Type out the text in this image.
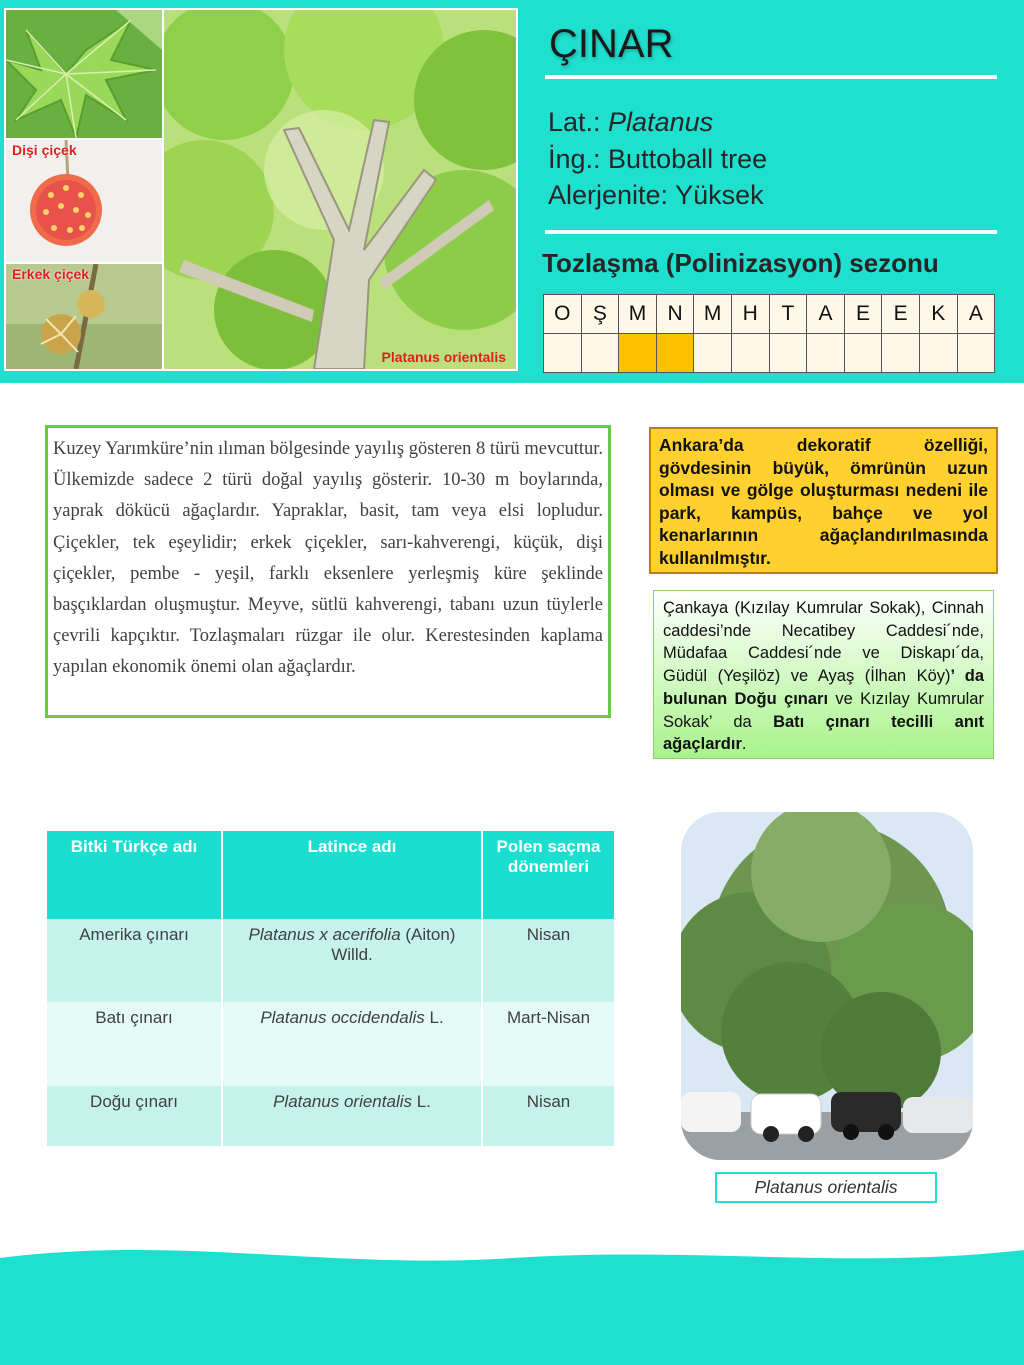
Dişi çiçek
Erkek çiçek
Platanus orientalis
ÇINAR
Lat.: Platanus
İng.: Buttoball tree
Alerjenite: Yüksek
Tozlaşma (Polinizasyon) sezonu
O	Ş	M	N	M	H	T	A	E	E	K	A

Kuzey Yarımküre’nin ılıman bölgesinde yayılış gösteren 8 türü mevcuttur. Ülkemizde sadece 2 türü doğal yayılış gösterir. 10-30 m boylarında, yaprak dökücü ağaçlardır. Yapraklar, basit, tam veya elsi lopludur. Çiçekler, tek eşeylidir; erkek çiçekler, sarı-kahverengi, küçük, dişi çiçekler, pembe - yeşil, farklı eksenlere yerleşmiş küre şeklinde başçıklardan oluşmuştur. Meyve, sütlü kahverengi, tabanı uzun tüylerle çevrili kapçıktır. Tozlaşmaları rüzgar ile olur. Kerestesinden kaplama yapılan ekonomik önemi olan ağaçlardır.

Ankara’da dekoratif özelliği, gövdesinin büyük, ömrünün uzun olması ve gölge oluşturması nedeni ile park, kampüs, bahçe ve yol kenarlarının ağaçlandırılmasında kullanılmıştır.
Çankaya (Kızılay Kumrular Sokak), Cinnah caddesi’nde Necatibey Caddesi´nde, Müdafaa Caddesi´nde ve Diskapı´da, Güdül (Yeşilöz) ve Ayaş (İlhan Köy)’ da bulunan Doğu çınarı ve Kızılay Kumrular Sokak’ da Batı çınarı tecilli anıt ağaçlardır.
Bitki Türkçe adı	Latince adı	Polen saçma dönemleri
Amerika çınarı	Platanus x acerifolia (Aiton) Willd.	Nisan
Batı çınarı	Platanus occidendalis L.	Mart-Nisan
Doğu çınarı	Platanus orientalis L.	Nisan
Platanus orientalis
